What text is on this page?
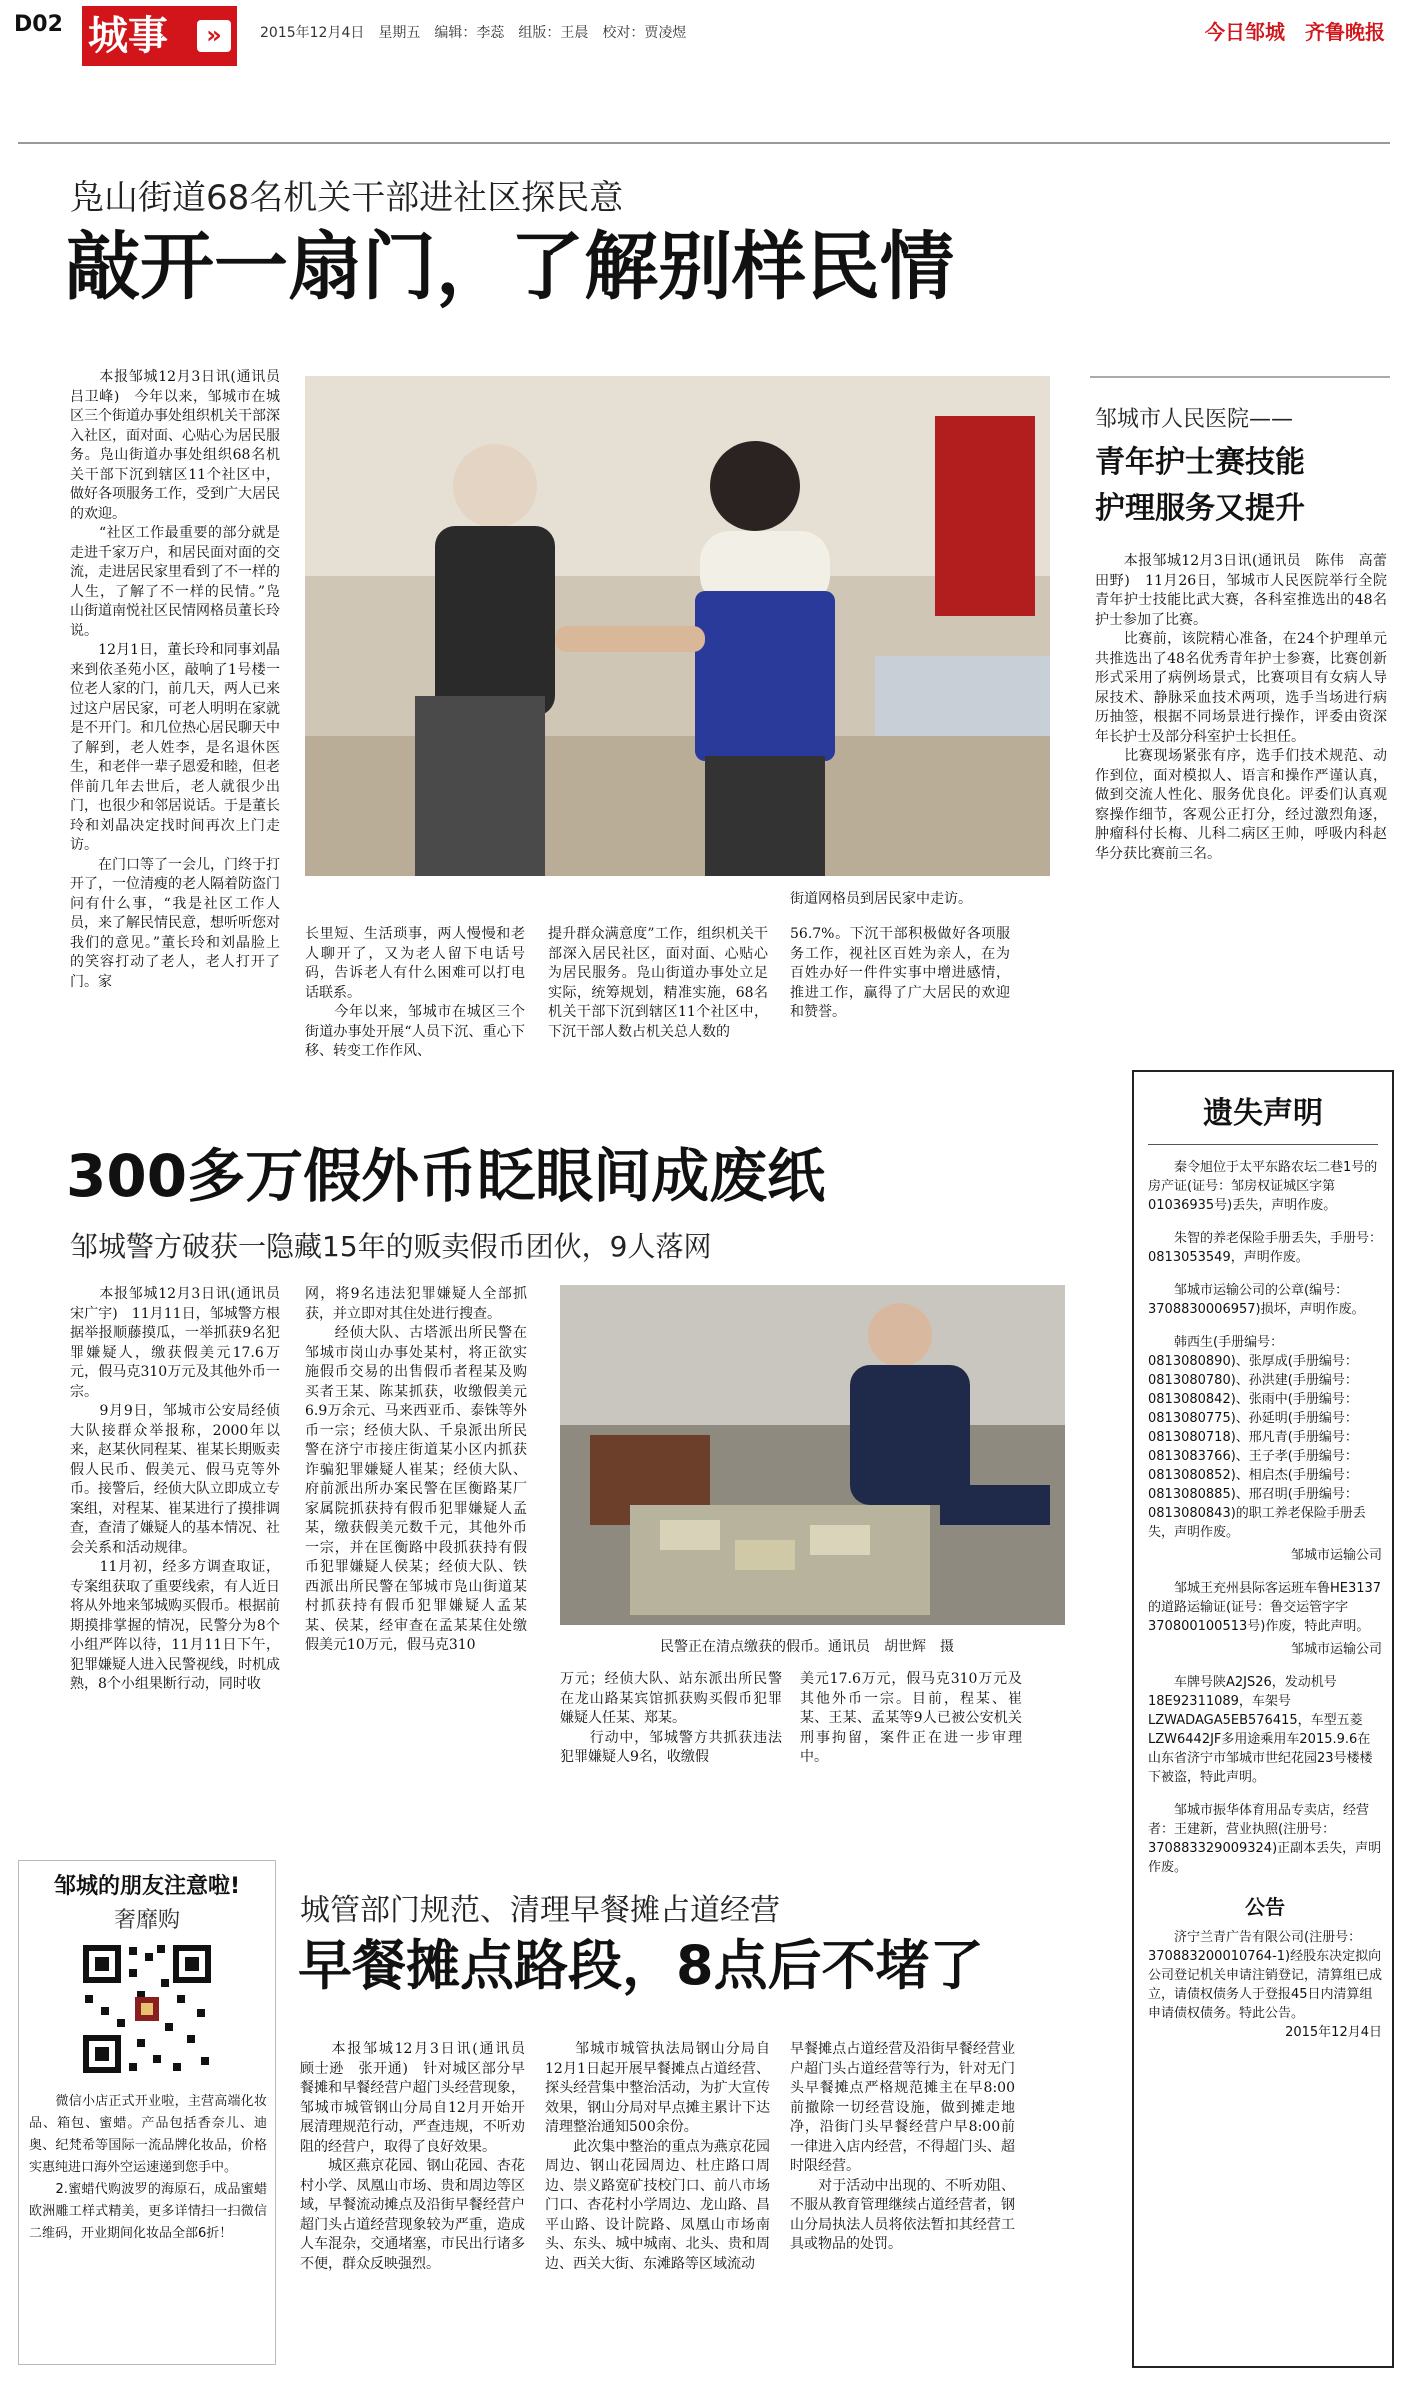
D02 城事	»	2015年12月4日　星期五　编辑：李蕊　组版：王晨　校对：贾凌煜	今日邹城　齐鲁晚报
凫山街道68名机关干部进社区探民意
敲开一扇门，了解别样民情
　　本报邹城12月3日讯(通讯员　吕卫峰)　今年以来，邹城市在城区三个街道办事处组织机关干部深入社区，面对面、心贴心为居民服务。凫山街道办事处组织68名机关干部下沉到辖区11个社区中，做好各项服务工作，受到广大居民的欢迎。
　　“社区工作最重要的部分就是走进千家万户，和居民面对面的交流，走进居民家里看到了不一样的人生，了解了不一样的民情。”凫山街道南悦社区民情网格员董长玲说。
　　12月1日，董长玲和同事刘晶来到依圣苑小区，敲响了1号楼一位老人家的门，前几天，两人已来过这户居民家，可老人明明在家就是不开门。和几位热心居民聊天中了解到，老人姓李，是名退休医生，和老伴一辈子恩爱和睦，但老伴前几年去世后，老人就很少出门，也很少和邻居说话。于是董长玲和刘晶决定找时间再次上门走访。
　　在门口等了一会儿，门终于打开了，一位清瘦的老人隔着防盗门问有什么事，“我是社区工作人员，来了解民情民意，想听听您对我们的意见。”董长玲和刘晶脸上的笑容打动了老人，老人打开了门。家
街道网格员到居民家中走访。
长里短、生活琐事，两人慢慢和老人聊开了，又为老人留下电话号码，告诉老人有什么困难可以打电话联系。
　　今年以来，邹城市在城区三个街道办事处开展“人员下沉、重心下移、转变工作作风、
提升群众满意度”工作，组织机关干部深入居民社区，面对面、心贴心为居民服务。凫山街道办事处立足实际，统筹规划，精准实施，68名机关干部下沉到辖区11个社区中，下沉干部人数占机关总人数的
56.7%。下沉干部积极做好各项服务工作，视社区百姓为亲人，在为百姓办好一件件实事中增进感情，推进工作，赢得了广大居民的欢迎和赞誉。
邹城市人民医院——
青年护士赛技能
护理服务又提升
　　本报邹城12月3日讯(通讯员　陈伟　高蕾　田野)　11月26日，邹城市人民医院举行全院青年护士技能比武大赛，各科室推选出的48名护士参加了比赛。
　　比赛前，该院精心准备，在24个护理单元共推选出了48名优秀青年护士参赛，比赛创新形式采用了病例场景式，比赛项目有女病人导尿技术、静脉采血技术两项，选手当场进行病历抽签，根据不同场景进行操作，评委由资深年长护士及部分科室护士长担任。
　　比赛现场紧张有序，选手们技术规范、动作到位，面对模拟人、语言和操作严谨认真，做到交流人性化、服务优良化。评委们认真观察操作细节，客观公正打分，经过激烈角逐，肿瘤科付长梅、儿科二病区王帅，呼吸内科赵华分获比赛前三名。
遗失声明

　　秦令旭位于太平东路农坛二巷1号的房产证(证号：邹房权证城区字第01036935号)丢失，声明作废。

　　朱智的养老保险手册丢失，手册号：0813053549，声明作废。

　　邹城市运输公司的公章(编号：3708830006957)损坏，声明作废。

　　韩西生(手册编号：0813080890)、张厚成(手册编号：0813080780)、孙洪建(手册编号：0813080842)、张雨中(手册编号：0813080775)、孙延明(手册编号：0813080718)、邢凡青(手册编号：0813083766)、王子孝(手册编号：0813080852)、相启杰(手册编号：0813080885)、邢召明(手册编号：0813080843)的职工养老保险手册丢失，声明作废。

　　邹城市运输公司

　　邹城王充州县际客运班车鲁HE3137的道路运输证(证号：鲁交运管字字370800100513号)作废，特此声明。

　　邹城市运输公司

　　车牌号陕A2JS26，发动机号18E92311089，车架号LZWADAGA5EB576415，车型五菱LZW6442JF多用途乘用车2015.9.6在山东省济宁市邹城市世纪花园23号楼楼下被盗，特此声明。

　　邹城市振华体育用品专卖店，经营者：王建新，营业执照(注册号：370883329009324)正副本丢失，声明作废。

公告

　　济宁兰青广告有限公司(注册号：370883200010764-1)经股东决定拟向公司登记机关申请注销登记，清算组已成立，请债权债务人于登报45日内清算组申请债权债务。特此公告。

2015年12月4日

300多万假外币眨眼间成废纸
邹城警方破获一隐藏15年的贩卖假币团伙，9人落网
　　本报邹城12月3日讯(通讯员　宋广宇)　11月11日，邹城警方根据举报顺藤摸瓜，一举抓获9名犯罪嫌疑人，缴获假美元17.6万元，假马克310万元及其他外币一宗。
　　9月9日，邹城市公安局经侦大队接群众举报称，2000年以来，赵某伙同程某、崔某长期贩卖假人民币、假美元、假马克等外币。接警后，经侦大队立即成立专案组，对程某、崔某进行了摸排调查，查清了嫌疑人的基本情况、社会关系和活动规律。
　　11月初，经多方调查取证，专案组获取了重要线索，有人近日将从外地来邹城购买假币。根据前期摸排掌握的情况，民警分为8个小组严阵以待，11月11日下午，犯罪嫌疑人进入民警视线，时机成熟，8个小组果断行动，同时收
网，将9名违法犯罪嫌疑人全部抓获，并立即对其住处进行搜查。
　　经侦大队、古塔派出所民警在邹城市岗山办事处某村，将正欲实施假币交易的出售假币者程某及购买者王某、陈某抓获，收缴假美元6.9万余元、马来西亚币、泰铢等外币一宗；经侦大队、千泉派出所民警在济宁市接庄街道某小区内抓获诈骗犯罪嫌疑人崔某；经侦大队、府前派出所办案民警在匡衡路某厂家属院抓获持有假币犯罪嫌疑人孟某，缴获假美元数千元，其他外币一宗，并在匡衡路中段抓获持有假币犯罪嫌疑人侯某；经侦大队、铁西派出所民警在邹城市凫山街道某村抓获持有假币犯罪嫌疑人孟某某、侯某，经审查在孟某某住处缴假美元10万元，假马克310	民警正在清点缴获的假币。通讯员　胡世辉　摄
万元；经侦大队、站东派出所民警在龙山路某宾馆抓获购买假币犯罪嫌疑人任某、郑某。
　　行动中，邹城警方共抓获违法犯罪嫌疑人9名，收缴假
美元17.6万元，假马克310万元及其他外币一宗。目前，程某、崔某、王某、孟某等9人已被公安机关刑事拘留，案件正在进一步审理中。
邹城的朋友注意啦!
奢靡购
　　微信小店正式开业啦，主营高端化妆品、箱包、蜜蜡。产品包括香奈儿、迪奥、纪梵希等国际一流品牌化妆品，价格实惠纯进口海外空运速递到您手中。
　　2.蜜蜡代购波罗的海原石，成品蜜蜡欧洲雕工样式精美，更多详情扫一扫微信二维码，开业期间化妆品全部6折！
城管部门规范、清理早餐摊占道经营
早餐摊点路段，8点后不堵了
　　本报邹城12月3日讯(通讯员　顾士逊　张开通)　针对城区部分早餐摊和早餐经营户超门头经营现象，邹城市城管钢山分局自12月开始开展清理规范行动，严查违规，不听劝阻的经营户，取得了良好效果。
　　城区燕京花园、钢山花园、杏花村小学、凤凰山市场、贵和周边等区域，早餐流动摊点及沿街早餐经营户超门头占道经营现象较为严重，造成人车混杂，交通堵塞，市民出行诸多不便，群众反映强烈。
　　邹城市城管执法局钢山分局自12月1日起开展早餐摊点占道经营、探头经营集中整治活动，为扩大宣传效果，钢山分局对早点摊主累计下达清理整治通知500余份。
　　此次集中整治的重点为燕京花园周边、钢山花园周边、杜庄路口周边、崇义路宽矿技校门口、前八市场门口、杏花村小学周边、龙山路、昌平山路、设计院路、凤凰山市场南头、东头、城中城南、北头、贵和周边、西关大街、东滩路等区域流动
早餐摊点占道经营及沿街早餐经营业户超门头占道经营等行为，针对无门头早餐摊点严格规范摊主在早8:00前撤除一切经营设施，做到摊走地净，沿街门头早餐经营户早8:00前一律进入店内经营，不得超门头、超时限经营。
　　对于活动中出现的、不听劝阻、不服从教育管理继续占道经营者，钢山分局执法人员将依法暂扣其经营工具或物品的处罚。
